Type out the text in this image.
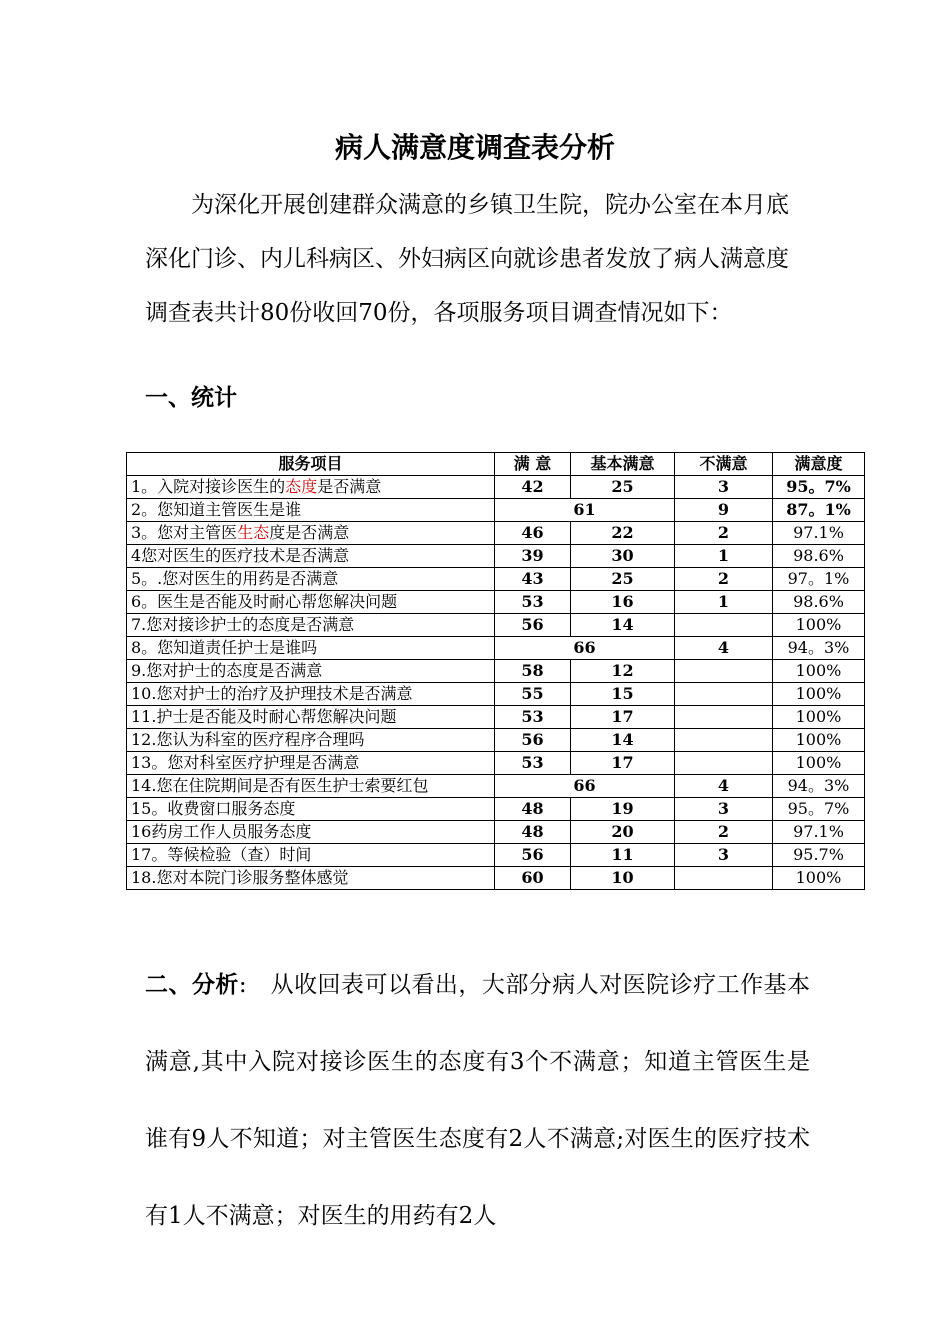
病人满意度调查表分析
为深化开展创建群众满意的乡镇卫生院，院办公室在本月底深化门诊、内儿科病区、外妇病区向就诊患者发放了病人满意度调查表共计80份收回70份，各项服务项目调查情况如下：
一、统计
服务项目	满 意	基本满意	不满意	满意度
1。入院对接诊医生的态度是否满意	42	25	3	95。7%
2。您知道主管医生是谁	61		9	87。1%
3。您对主管医生态度是否满意	46	22	2	97.1%
4您对医生的医疗技术是否满意	39	30	1	98.6%
5。.您对医生的用药是否满意	43	25	2	97。1%
6。医生是否能及时耐心帮您解决问题	53	16	1	98.6%
7.您对接诊护士的态度是否满意	56	14		100%
8。您知道责任护士是谁吗	66		4	94。3%
9.您对护士的态度是否满意	58	12		100%
10.您对护士的治疗及护理技术是否满意	55	15		100%
11.护士是否能及时耐心帮您解决问题	53	17		100%
12.您认为科室的医疗程序合理吗	56	14		100%
13。您对科室医疗护理是否满意	53	17		100%
14.您在住院期间是否有医生护士索要红包	66		4	94。3%
15。收费窗口服务态度	48	19	3	95。7%
16药房工作人员服务态度	48	20	2	97.1%
17。等候检验（查）时间	56	11	3	95.7%
18.您对本院门诊服务整体感觉	60	10		100%
二、分析:　从收回表可以看出，大部分病人对医院诊疗工作基本满意,其中入院对接诊医生的态度有3个不满意；知道主管医生是谁有9人不知道；对主管医生态度有2人不满意;对医生的医疗技术有1人不满意；对医生的用药有2人
